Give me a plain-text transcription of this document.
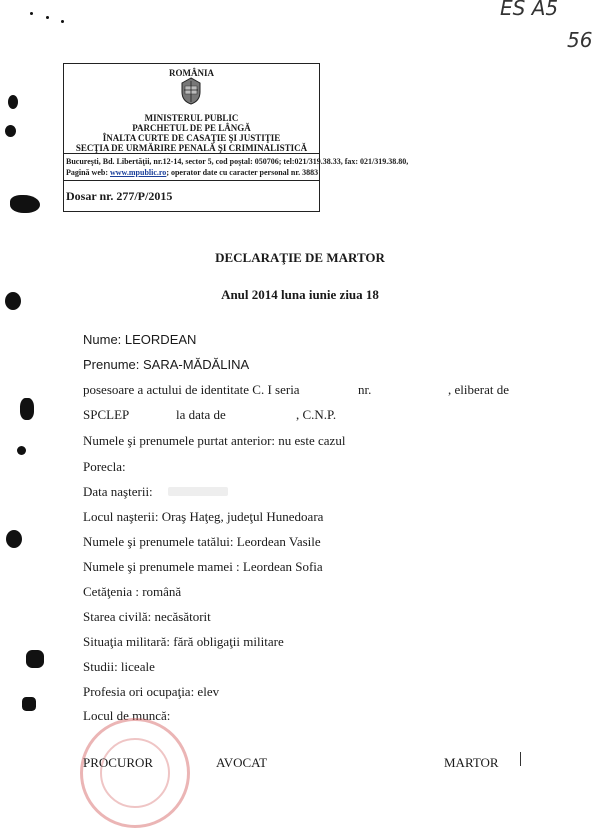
ES A5
56
ROMÂNIA
MINISTERUL PUBLIC
PARCHETUL DE PE LÂNGĂ
ÎNALTA CURTE DE CASAŢIE ŞI JUSTIŢIE
SECŢIA DE URMĂRIRE PENALĂ ŞI CRIMINALISTICĂ
Bucureşti, Bd. Libertăţii, nr.12-14, sector 5, cod poştal: 050706; tel:021/319.38.33, fax: 021/319.38.80,
Pagină web: www.mpublic.ro; operator date cu caracter personal nr. 3883
Dosar nr. 277/P/2015
DECLARAŢIE DE MARTOR
Anul 2014 luna iunie ziua 18
Nume: LEORDEAN
Prenume: SARA-MĂDĂLINA
posesoare a actului de identitate C. I seria	nr.	, eliberat de
SPCLEP	la data de	, C.N.P.
Numele şi prenumele purtat anterior: nu este cazul
Porecla:
Data naşterii:
Locul naşterii: Oraş Haţeg, judeţul Hunedoara
Numele şi prenumele tatălui: Leordean Vasile
Numele şi prenumele mamei : Leordean Sofia
Cetăţenia : română
Starea civilă: necăsătorit
Situaţia militară: fără obligaţii militare
Studii: liceale
Profesia ori ocupaţia: elev
Locul de muncă:
PROCUROR	AVOCAT	MARTOR
